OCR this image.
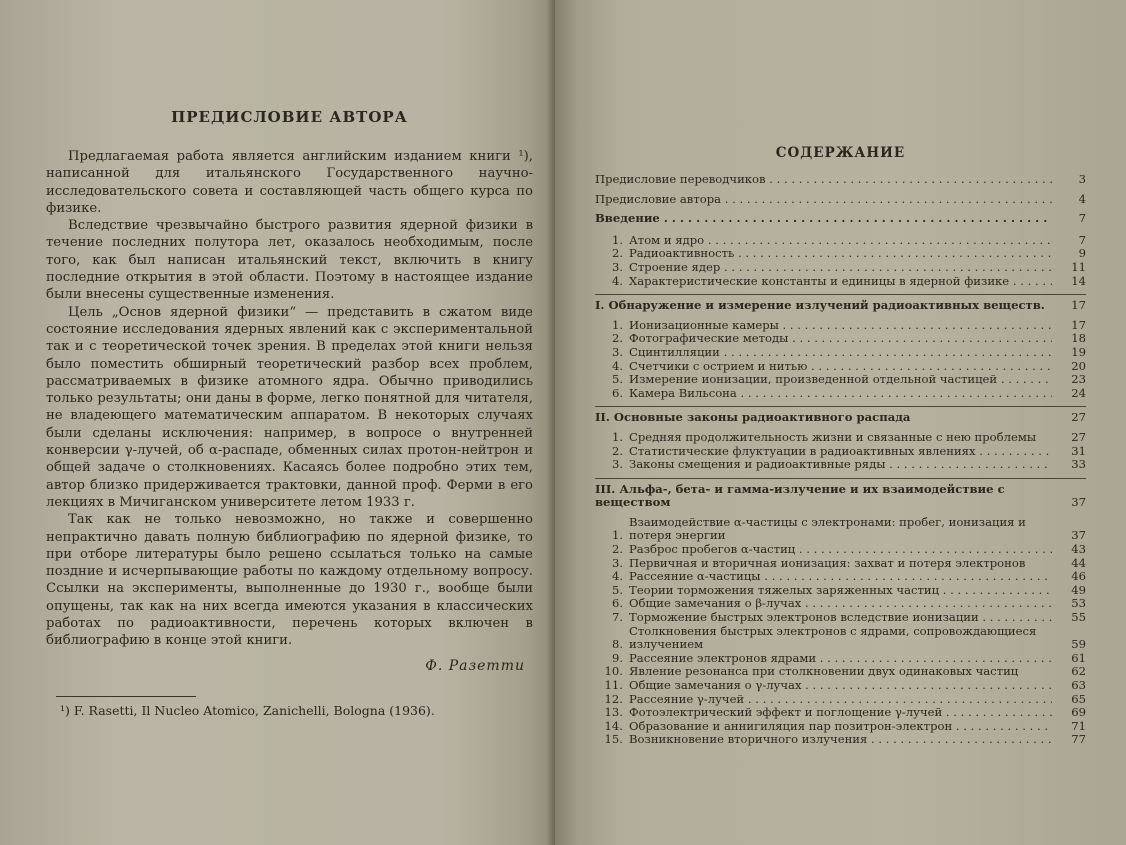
ПРЕДИСЛОВИЕ АВТОРА

Предлагаемая работа является английским изданием книги ¹), написанной для итальянского Государственного научно-исследовательского совета и составляющей часть общего курса по физике.

Вследствие чрезвычайно быстрого развития ядерной физики в течение последних полутора лет, оказалось необходимым, после того, как был написан итальянский текст, включить в книгу последние открытия в этой области. Поэтому в настоящее издание были внесены существенные изменения.

Цель „Основ ядерной физики“ — представить в сжатом виде состояние исследования ядерных явлений как с экспериментальной так и с теоретической точек зрения. В пределах этой книги нельзя было поместить обширный теоретический разбор всех проблем, рассматриваемых в физике атомного ядра. Обычно приводились только результаты; они даны в форме, легко понятной для читателя, не владеющего математическим аппаратом. В некоторых случаях были сделаны исключения: например, в вопросе о внутренней конверсии γ-лучей, об α-распаде, обменных силах протон-нейтрон и общей задаче о столкновениях. Касаясь более подробно этих тем, автор близко придерживается трактовки, данной проф. Ферми в его лекциях в Мичиганском университете летом 1933 г.

Так как не только невозможно, но также и совершенно непрактично давать полную библиографию по ядерной физике, то при отборе литературы было решено ссылаться только на самые поздние и исчерпывающие работы по каждому отдельному вопросу. Ссылки на эксперименты, выполненные до 1930 г., вообще были опущены, так как на них всегда имеются указания в классических работах по радиоактивности, перечень которых включен в библиографию в конце этой книги.

Ф. Разетти
¹) F. Rasetti, Il Nucleo Atomico, Zanichelli, Bologna (1936).
СОДЕРЖАНИЕ
Предисловие переводчиков . . .	3
Предисловие автора . . .	4
Введение . . .	7
1. Атом и ядро . . .	7
2. Радиоактивность . . .	9
3. Строение ядер . . .	11
4. Характеристические константы и единицы в ядерной физике . . .	14
I. Обнаружение и измерение излучений радиоактивных веществ.	17
1. Ионизационные камеры . . .	17
2. Фотографические методы . . .	18
3. Сцинтилляции . . .	19
4. Счетчики с острием и нитью . . .	20
5. Измерение ионизации, произведенной отдельной частицей . . .	23
6. Камера Вильсона . . .	24
II. Основные законы радиоактивного распада	27
1. Средняя продолжительность жизни и связанные с нею проблемы	27
2. Статистические флуктуации в радиоактивных явлениях . . .	31
3. Законы смещения и радиоактивные ряды . . .	33
III. Альфа-, бета- и гамма-излучение и их взаимодействие с веществом	37
1.
Взаимодействие α-частицы с электронами: пробег, ионизация и потеря энергии	37
2. Разброс пробегов α-частиц . . .	43
3. Первичная и вторичная ионизация: захват и потеря электронов	44
4. Рассеяние α-частицы . . .	46
5. Теории торможения тяжелых заряженных частиц . . .	49
6. Общие замечания о β-лучах . . .	53
7. Торможение быстрых электронов вследствие ионизации . . .	55
8.
Столкновения быстрых электронов с ядрами, сопровождающиеся излучением	59
9. Рассеяние электронов ядрами . . .	61
10. Явление резонанса при столкновении двух одинаковых частиц	62
11. Общие замечания о γ-лучах . . .	63
12. Рассеяние γ-лучей . . .	65
13. Фотоэлектрический эффект и поглощение γ-лучей . . .	69
14. Образование и аннигиляция пар позитрон-электрон . . .	71
15. Возникновение вторичного излучения . . .	77
